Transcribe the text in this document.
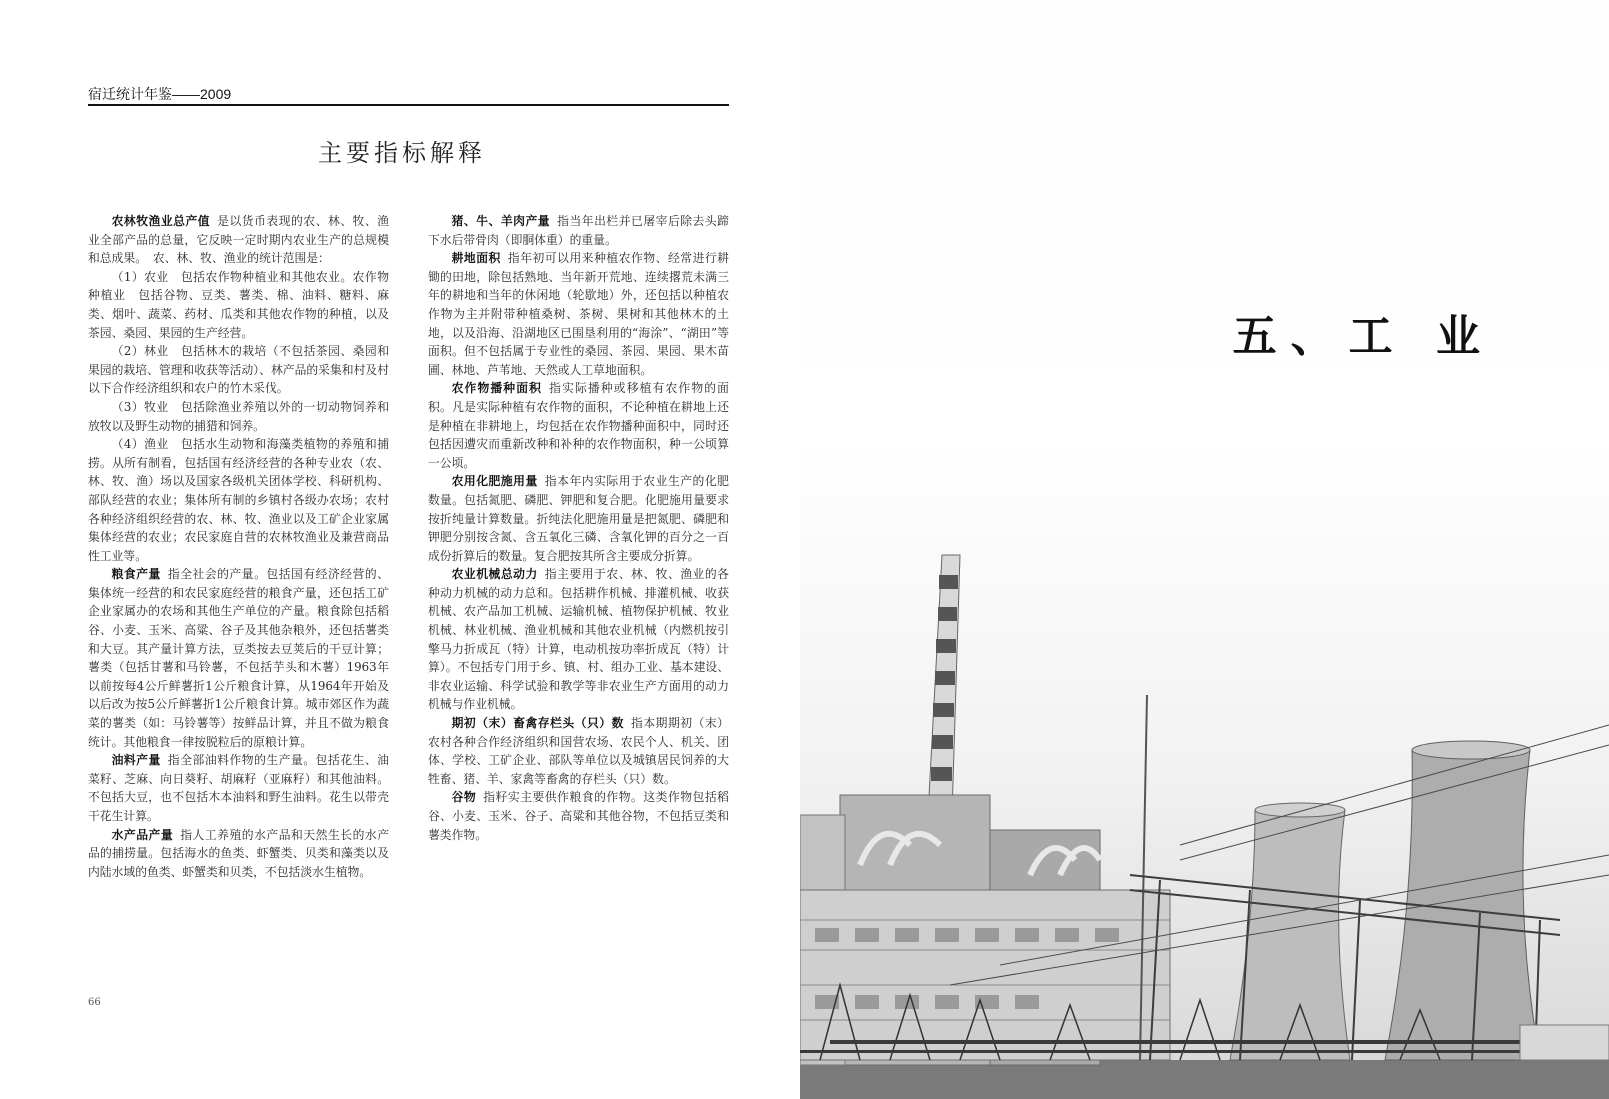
宿迁统计年鉴——2009
主要指标解释

农林牧渔业总产值 是以货币表现的农、林、牧、渔业全部产品的总量，它反映一定时期内农业生产的总规模和总成果。　农、林、牧、渔业的统计范围是：

（1）农业　包括农作物种植业和其他农业。农作物种植业　包括谷物、豆类、薯类、棉、油料、糖料、麻类、烟叶、蔬菜、药材、瓜类和其他农作物的种植，以及茶园、桑园、果园的生产经营。

（2）林业　包括林木的栽培（不包括茶园、桑园和果园的栽培、管理和收获等活动）、林产品的采集和村及村以下合作经济组织和农户的竹木采伐。

（3）牧业　包括除渔业养殖以外的一切动物饲养和放牧以及野生动物的捕猎和饲养。

（4）渔业　包括水生动物和海藻类植物的养殖和捕捞。从所有制看，包括国有经济经营的各种专业农（农、林、牧、渔）场以及国家各级机关团体学校、科研机构、部队经营的农业；集体所有制的乡镇村各级办农场；农村各种经济组织经营的农、林、牧、渔业以及工矿企业家属集体经营的农业；农民家庭自营的农林牧渔业及兼营商品性工业等。

粮食产量 指全社会的产量。包括国有经济经营的、集体统一经营的和农民家庭经营的粮食产量，还包括工矿企业家属办的农场和其他生产单位的产量。粮食除包括稻谷、小麦、玉米、高粱、谷子及其他杂粮外，还包括薯类和大豆。其产量计算方法，豆类按去豆荚后的干豆计算；薯类（包括甘薯和马铃薯，不包括芋头和木薯）1963年以前按每4公斤鲜薯折1公斤粮食计算，从1964年开始及以后改为按5公斤鲜薯折1公斤粮食计算。城市郊区作为蔬菜的薯类（如：马铃薯等）按鲜品计算，并且不做为粮食统计。其他粮食一律按脱粒后的原粮计算。

油料产量 指全部油料作物的生产量。包括花生、油菜籽、芝麻、向日葵籽、胡麻籽（亚麻籽）和其他油料。不包括大豆，也不包括木本油料和野生油料。花生以带壳干花生计算。

水产品产量 指人工养殖的水产品和天然生长的水产品的捕捞量。包括海水的鱼类、虾蟹类、贝类和藻类以及内陆水域的鱼类、虾蟹类和贝类，不包括淡水生植物。

猪、牛、羊肉产量 指当年出栏并已屠宰后除去头蹄下水后带骨肉（即胴体重）的重量。

耕地面积 指年初可以用来种植农作物、经常进行耕锄的田地，除包括熟地、当年新开荒地、连续撂荒未满三年的耕地和当年的休闲地（轮歇地）外，还包括以种植农作物为主并附带种植桑树、茶树、果树和其他林木的土地，以及沿海、沿湖地区已围垦利用的“海涂”、“湖田”等面积。但不包括属于专业性的桑园、茶园、果园、果木苗圃、林地、芦苇地、天然或人工草地面积。

农作物播种面积 指实际播种或移植有农作物的面积。凡是实际种植有农作物的面积，不论种植在耕地上还是种植在非耕地上，均包括在农作物播种面积中，同时还包括因遭灾而重新改种和补种的农作物面积，种一公顷算一公顷。

农用化肥施用量 指本年内实际用于农业生产的化肥数量。包括氮肥、磷肥、钾肥和复合肥。化肥施用量要求按折纯量计算数量。折纯法化肥施用量是把氮肥、磷肥和钾肥分别按含氮、含五氧化三磷、含氧化钾的百分之一百成份折算后的数量。复合肥按其所含主要成分折算。

农业机械总动力 指主要用于农、林、牧、渔业的各种动力机械的动力总和。包括耕作机械、排灌机械、收获机械、农产品加工机械、运输机械、植物保护机械、牧业机械、林业机械、渔业机械和其他农业机械（内燃机按引擎马力折成瓦（特）计算，电动机按功率折成瓦（特）计算）。不包括专门用于乡、镇、村、组办工业、基本建设、非农业运输、科学试验和教学等非农业生产方面用的动力机械与作业机械。

期初（末）畜禽存栏头（只）数 指本期期初（末）农村各种合作经济组织和国营农场、农民个人、机关、团体、学校、工矿企业、部队等单位以及城镇居民饲养的大牲畜、猪、羊、家禽等畜禽的存栏头（只）数。

谷物 指籽实主要供作粮食的作物。这类作物包括稻谷、小麦、玉米、谷子、高粱和其他谷物，不包括豆类和薯类作物。

66
五、工 业
